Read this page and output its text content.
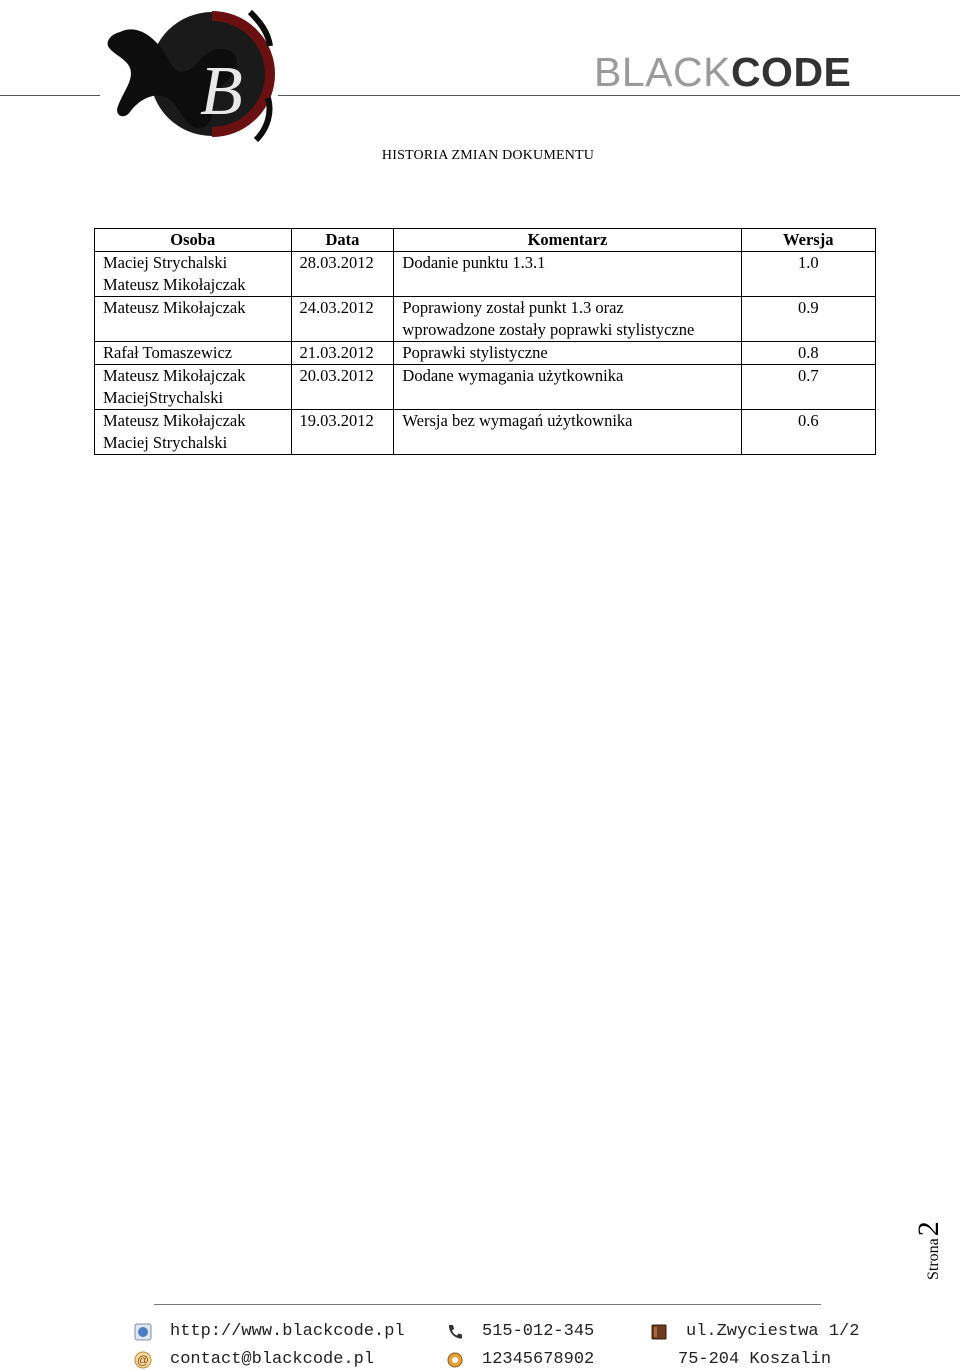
B	BLACKCODE
HISTORIA ZMIAN DOKUMENTU
Osoba	Data	Komentarz	Wersja

Maciej Strychalski
Mateusz Mikołajczak	28.03.2012	Dodanie punktu 1.3.1	1.0

Mateusz Mikołajczak	24.03.2012	Poprawiony został punkt 1.3 oraz
wprowadzone zostały poprawki stylistyczne	0.9

Rafał Tomaszewicz	21.03.2012	Poprawki stylistyczne	0.8

Mateusz Mikołajczak
MaciejStrychalski	20.03.2012	Dodane wymagania użytkownika	0.7

Mateusz Mikołajczak
Maciej Strychalski	19.03.2012	Wersja bez wymagań użytkownika	0.6
Strona2
http://www.blackcode.pl
@ contact@blackcode.pl
515-012-345
12345678902
ul.Zwyciestwa 1/2
75-204 Koszalin
